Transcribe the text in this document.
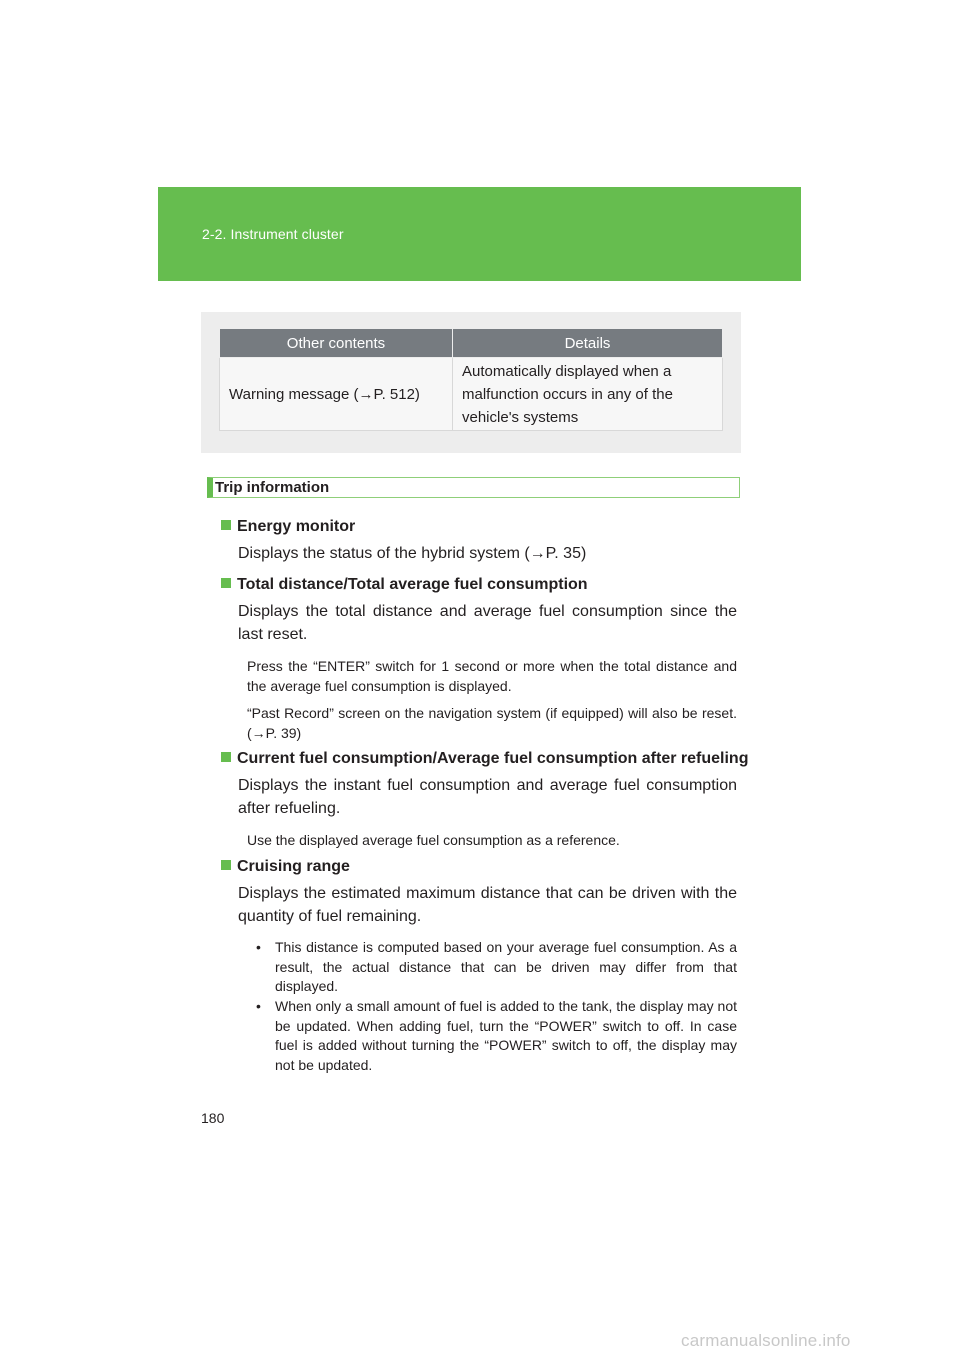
2-2. Instrument cluster
Other contents	Details
Warning message (→P. 512)	Automatically displayed when a malfunction occurs in any of the vehicle's systems
Trip information
Energy monitor
Displays the status of the hybrid system (→P. 35)
Total distance/Total average fuel consumption
Displays the total distance and average fuel consumption since the last reset.
Press the “ENTER” switch for 1 second or more when the total distance and the average fuel consumption is displayed.
“Past Record” screen on the navigation system (if equipped) will also be reset. (→P. 39)
Current fuel consumption/Average fuel consumption after refueling
Displays the instant fuel consumption and average fuel consumption after refueling.
Use the displayed average fuel consumption as a reference.
Cruising range
Displays the estimated maximum distance that can be driven with the quantity of fuel remaining.
• This distance is computed based on your average fuel consumption. As a result, the actual distance that can be driven may differ from that displayed.
• When only a small amount of fuel is added to the tank, the display may not be updated. When adding fuel, turn the “POWER” switch to off. In case fuel is added without turning the “POWER” switch to off, the display may not be updated.
180
carmanualsonline.info
